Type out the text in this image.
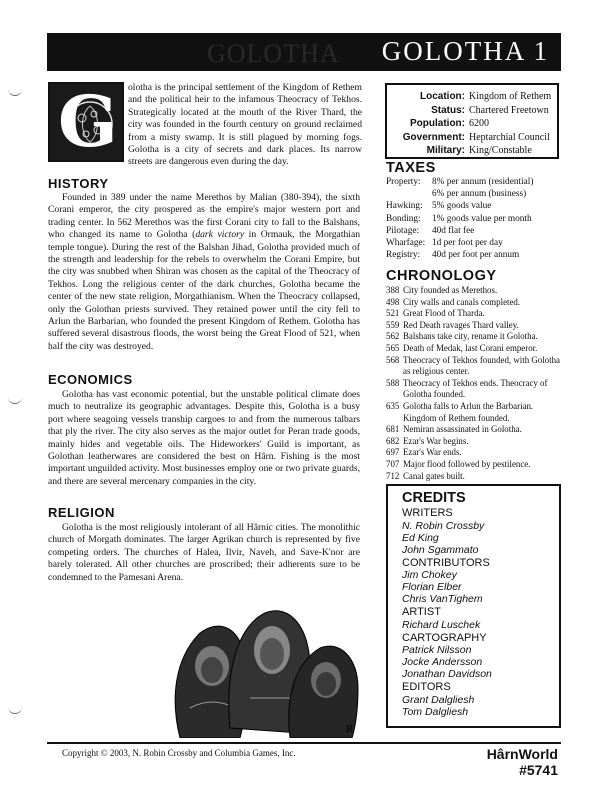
GOLOTHA GOLOTHA 1
G olotha is the principal settlement of the Kingdom of Rethem and the political heir to the infamous Theocracy of Tekhos. Strategically located at the mouth of the River Thard, the city was founded in the fourth century on ground reclaimed from a misty swamp. It is still plagued by morning fogs. Golotha is a city of secrets and dark places. Its narrow streets are dangerous even during the day.
HISTORY
Founded in 389 under the name Merethos by Malian (380-394), the sixth Corani emperor, the city prospered as the empire's major western port and trading center. In 562 Merethos was the first Corani city to fall to the Balshans, who changed its name to Golotha (dark victory in Ormauk, the Morgathian temple tongue). During the rest of the Balshan Jihad, Golotha provided much of the strength and leadership for the rebels to overwhelm the Corani Empire, but the city was snubbed when Shiran was chosen as the capital of the Theocracy of Tekhos. Long the religious center of the dark churches, Golotha became the center of the new state religion, Morgathianism. When the Theocracy collapsed, only the Golothan priests survived. They retained power until the city fell to Arlun the Barbarian, who founded the present Kingdom of Rethem. Golotha has suffered several disastrous floods, the worst being the Great Flood of 521, when half the city was destroyed.
ECONOMICS
Golotha has vast economic potential, but the unstable political climate does much to neutralize its geographic advantages. Despite this, Golotha is a busy port where seagoing vessels tranship cargoes to and from the numerous talbars that ply the river. The city also serves as the major outlet for Peran trade goods, mainly hides and vegetable oils. The Hideworkers' Guild is important, as Golothan leatherwares are considered the best on Hârn. Fishing is the most important unguilded activity. Most businesses employ one or two private guards, and there are several mercenary companies in the city.
RELIGION
Golotha is the most religiously intolerant of all Hârnic cities. The monolithic church of Morgath dominates. The larger Agrikan church is represented by five competing orders. The churches of Halea, Ilvir, Naveh, and Save-K'nor are barely tolerated. All other churches are proscribed; their adherents sure to be condemned to the Pamesani Arena.
R
Location: Kingdom of Rethem
Status: Chartered Freetown
Population: 6200
Government: Heptarchial Council
Military: King/Constable
TAXES
Property:	8% per annum (residential)
6% per annum (business)
Hawking:	5% goods value
Bonding:	1% goods value per month
Pilotage:	40d flat fee
Wharfage: 1d per foot per day
Registry:	40d per foot per annum
CHRONOLOGY
388 City founded as Merethos.
498 City walls and canals completed.
521 Great Flood of Tharda.
559 Red Death ravages Thard valley.
562 Balshans take city, rename it Golotha.
565 Death of Medak, last Corani emperor.
568 Theocracy of Tekhos founded, with Golotha as religious center.
588 Theocracy of Tekhos ends. Theocracy of Golotha founded.
635 Golotha falls to Arlun the Barbarian. Kingdom of Rethem founded.
681 Nemiran assassinated in Golotha.
682 Ezar's War begins.
697 Ezar's War ends.
707 Major flood followed by pestilence.
712 Canal gates built.
CREDITS
WRITERS
N. Robin Crossby
Ed King
John Sgammato
CONTRIBUTORS
Jim Chokey
Florian Elber
Chris VanTighem
ARTIST
Richard Luschek
CARTOGRAPHY
Patrick Nilsson
Jocke Andersson
Jonathan Davidson
EDITORS
Grant Dalgliesh
Tom Dalgliesh
Copyright © 2003, N. Robin Crossby and Columbia Games, Inc.	HârnWorld
#5741
